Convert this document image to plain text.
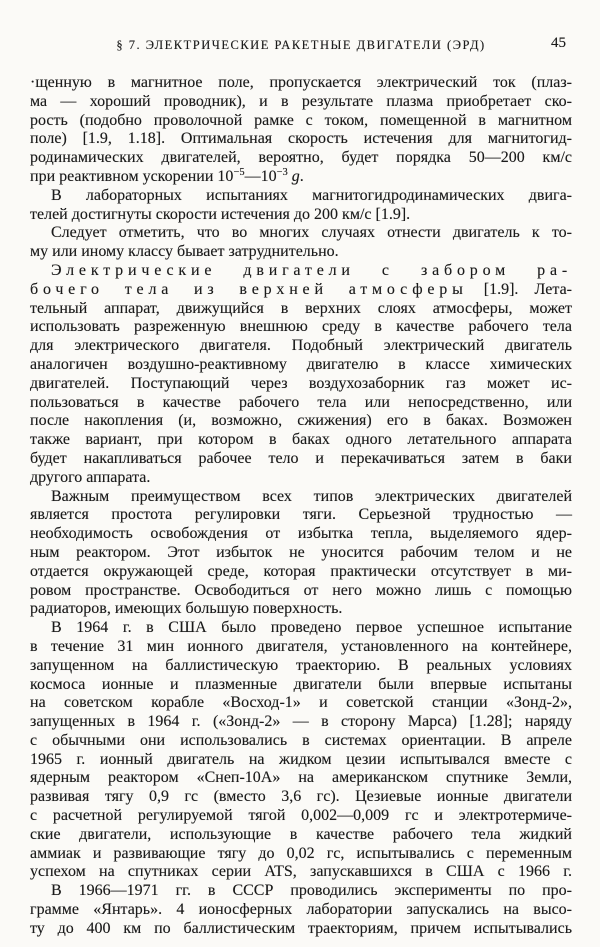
§ 7. ЭЛЕКТРИЧЕСКИЕ РАКЕТНЫЕ ДВИГАТЕЛИ (ЭРД)	45
·щенную в магнитное поле, пропускается электрический ток (плаз-
ма — хороший проводник), и в результате плазма приобретает ско-
рость (подобно проволочной рамке с током, помещенной в магнитном
поле) [1.9, 1.18]. Оптимальная скорость истечения для магнитогид-
родинамических двигателей, вероятно, будет порядка 50—200 км/с
при реактивном ускорении $10^{-5}—10^{-3}$ g.
В лабораторных испытаниях магнитогидродинамических двига-
телей достигнуты скорости истечения до 200 км/с [1.9].
Следует отметить, что во многих случаях отнести двигатель к то-
му или иному классу бывает затруднительно.
Электрические двигатели с забором ра-
бочего тела из верхней атмосферы [1.9]. Лета-
тельный аппарат, движущийся в верхних слоях атмосферы, может
использовать разреженную внешнюю среду в качестве рабочего тела
для электрического двигателя. Подобный электрический двигатель
аналогичен воздушно-реактивному двигателю в классе химических
двигателей. Поступающий через воздухозаборник газ может ис-
пользоваться в качестве рабочего тела или непосредственно, или
после накопления (и, возможно, сжижения) его в баках. Возможен
также вариант, при котором в баках одного летательного аппарата
будет накапливаться рабочее тело и перекачиваться затем в баки
другого аппарата.
Важным преимуществом всех типов электрических двигателей
является простота регулировки тяги. Серьезной трудностью —
необходимость освобождения от избытка тепла, выделяемого ядер-
ным реактором. Этот избыток не уносится рабочим телом и не
отдается окружающей среде, которая практически отсутствует в ми-
ровом пространстве. Освободиться от него можно лишь с помощью
радиаторов, имеющих большую поверхность.
В 1964 г. в США было проведено первое успешное испытание
в течение 31 мин ионного двигателя, установленного на контейнере,
запущенном на баллистическую траекторию. В реальных условиях
космоса ионные и плазменные двигатели были впервые испытаны
на советском корабле «Восход-1» и советской станции «Зонд-2»,
запущенных в 1964 г. («Зонд-2» — в сторону Марса) [1.28]; наряду
с обычными они использовались в системах ориентации. В апреле
1965 г. ионный двигатель на жидком цезии испытывался вместе с
ядерным реактором «Снеп-10А» на американском спутнике Земли,
развивая тягу 0,9 гс (вместо 3,6 гс). Цезиевые ионные двигатели
с расчетной регулируемой тягой 0,002—0,009 гс и электротермиче-
ские двигатели, использующие в качестве рабочего тела жидкий
аммиак и развивающие тягу до 0,02 гс, испытывались с переменным
успехом на спутниках серии ATS, запускавшихся в США с 1966 г.
В 1966—1971 гг. в СССР проводились эксперименты по про-
грамме «Янтарь». 4 ионосферных лаборатории запускались на высо-
ту до 400 км по баллистическим траекториям, причем испытывались
